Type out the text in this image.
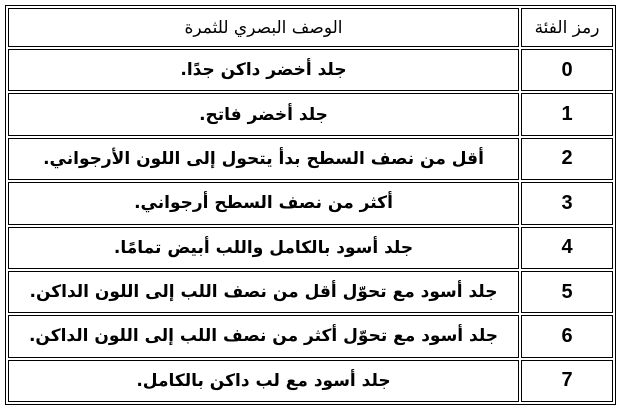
رمز الفئة	الوصف البصري للثمرة
0	جلد أخضر داكن جدًا.
1	جلد أخضر فاتح.
2	أقل من نصف السطح بدأ يتحول إلى اللون الأرجواني.
3	أكثر من نصف السطح أرجواني.
4	جلد أسود بالكامل واللب أبيض تمامًا.
5	جلد أسود مع تحوّل أقل من نصف اللب إلى اللون الداكن.
6	جلد أسود مع تحوّل أكثر من نصف اللب إلى اللون الداكن.
7	جلد أسود مع لب داكن بالكامل.
